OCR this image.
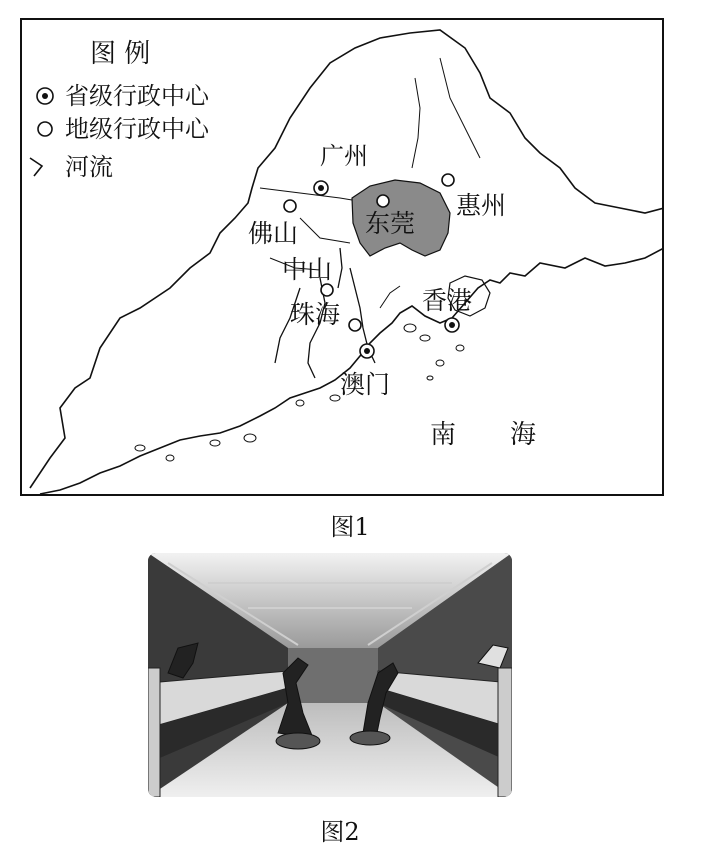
图 例
省级行政中心
地级行政中心
河流	广州
惠州
佛山	东莞
中山
珠海	香港
澳门
南 海
图1
图2
